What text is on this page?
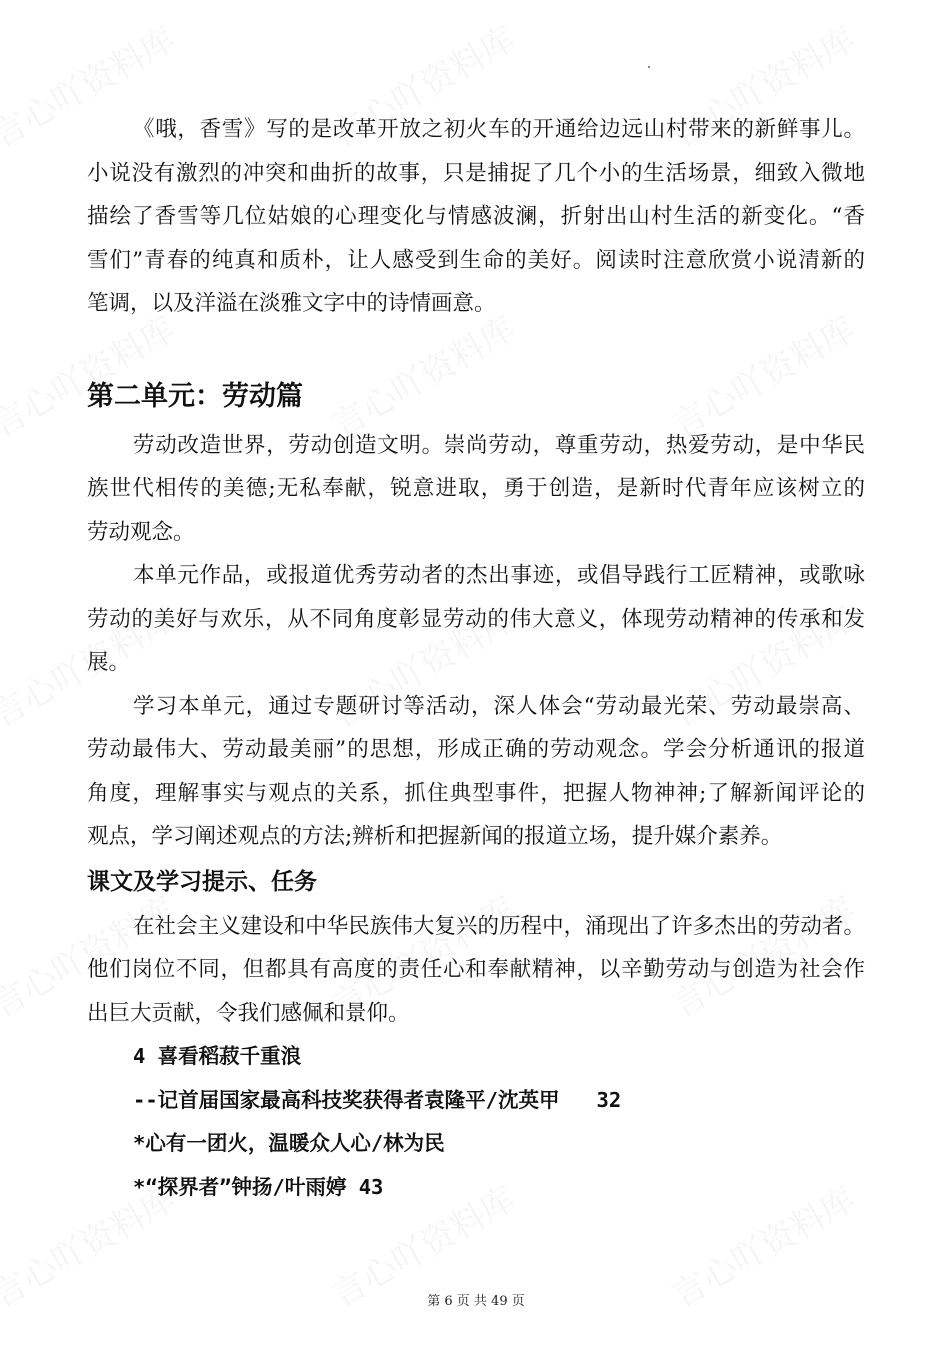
《哦，香雪》写的是改革开放之初火车的开通给边远山村带来的新鲜事儿。
小说没有激烈的冲突和曲折的故事，只是捕捉了几个小的生活场景，细致入微地
描绘了香雪等几位姑娘的心理变化与情感波澜，折射出山村生活的新变化。“香
雪们”青春的纯真和质朴，让人感受到生命的美好。阅读时注意欣赏小说清新的
笔调，以及洋溢在淡雅文字中的诗情画意。
第二单元：劳动篇
劳动改造世界，劳动创造文明。崇尚劳动，尊重劳动，热爱劳动，是中华民
族世代相传的美德;无私奉献，锐意进取，勇于创造，是新时代青年应该树立的
劳动观念。
本单元作品，或报道优秀劳动者的杰出事迹，或倡导践行工匠精神，或歌咏
劳动的美好与欢乐，从不同角度彰显劳动的伟大意义，体现劳动精神的传承和发
展。
学习本单元，通过专题研讨等活动，深人体会“劳动最光荣、劳动最崇高、
劳动最伟大、劳动最美丽”的思想，形成正确的劳动观念。学会分析通讯的报道
角度，理解事实与观点的关系，抓住典型事件，把握人物神神;了解新闻评论的
观点，学习阐述观点的方法;辨析和把握新闻的报道立场，提升媒介素养。
课文及学习提示、任务
在社会主义建设和中华民族伟大复兴的历程中，涌现出了许多杰出的劳动者。
他们岗位不同，但都具有高度的责任心和奉献精神，以辛勤劳动与创造为社会作
出巨大贡献，令我们感佩和景仰。
4 喜看稻菽千重浪
--记首届国家最高科技奖获得者袁隆平/沈英甲   32
*心有一团火，温暖众人心/林为民
*“探界者”钟扬/叶雨婷 43
第 6 页 共 49 页
